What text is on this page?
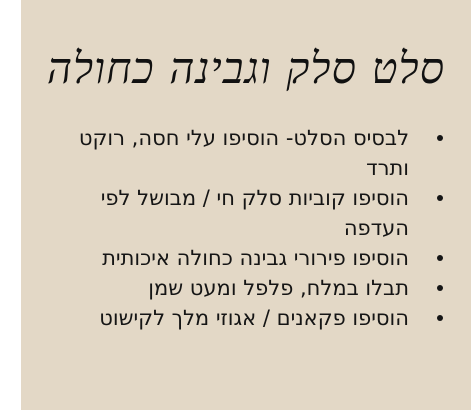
סלט סלק וגבינה כחולה
לבסיס הסלט- הוסיפו עלי חסה, רוקט ותרד
הוסיפו קוביות סלק חי / מבושל לפי העדפה
הוסיפו פירורי גבינה כחולה איכותית
תבלו במלח, פלפל ומעט שמן
הוסיפו פקאנים / אגוזי מלך לקישוט
